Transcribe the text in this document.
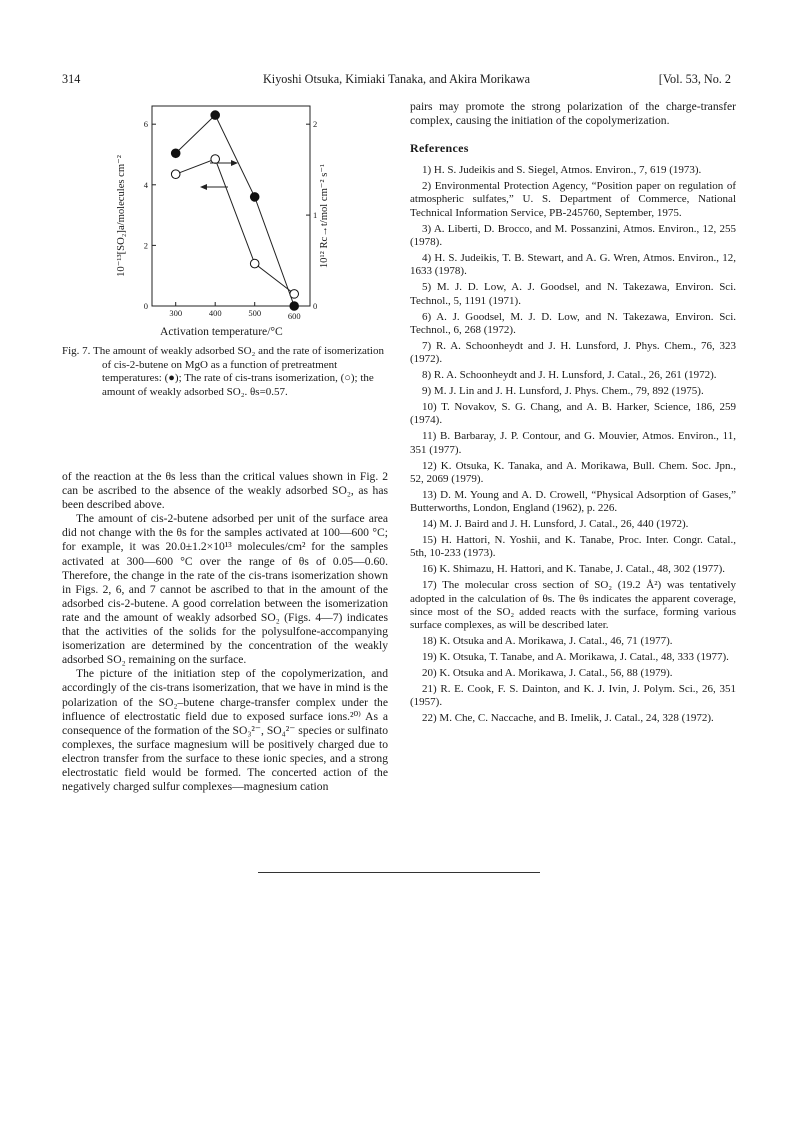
314	Kiyoshi Otsuka, Kimiaki Tanaka, and Akira Morikawa	[Vol. 53, No. 2
300	400	500	600
0
2
4
6
0
1
2
10⁻¹³[SO₂]a/molecules cm⁻²	10¹² Rc→t/mol cm⁻² s⁻¹
Activation temperature/°C
Fig. 7. The amount of weakly adsorbed SO₂ and the rate of isomerization of cis-2-butene on MgO as a function of pretreatment temperatures: (●); The rate of cis-trans isomerization, (○); the amount of weakly adsorbed SO₂. θs=0.57.

of the reaction at the θs less than the critical values shown in Fig. 2 can be ascribed to the absence of the weakly adsorbed SO₂, as has been described above.

The amount of cis-2-butene adsorbed per unit of the surface area did not change with the θs for the samples activated at 100—600 °C; for example, it was 20.0±1.2×10¹³ molecules/cm² for the samples activated at 300—600 °C over the range of θs of 0.05—0.60. Therefore, the change in the rate of the cis-trans isomerization shown in Figs. 2, 6, and 7 cannot be ascribed to that in the amount of the adsorbed cis-2-butene. A good correlation between the isomerization rate and the amount of weakly adsorbed SO₂ (Figs. 4—7) indicates that the activities of the solids for the polysulfone-accompanying isomerization are determined by the concentration of the weakly adsorbed SO₂ remaining on the surface.

The picture of the initiation step of the copolymerization, and accordingly of the cis-trans isomerization, that we have in mind is the polarization of the SO₂–butene charge-transfer complex under the influence of electrostatic field due to exposed surface ions.²⁰⁾ As a consequence of the formation of the SO₃²⁻, SO₄²⁻ species or sulfinato complexes, the surface magnesium will be positively charged due to electron transfer from the surface to these ionic species, and a strong electrostatic field would be formed. The concerted action of the negatively charged sulfur complexes—magnesium cation

pairs may promote the strong polarization of the charge-transfer complex, causing the initiation of the copolymerization.

References
1) H. S. Judeikis and S. Siegel, Atmos. Environ., 7, 619 (1973).
2) Environmental Protection Agency, “Position paper on regulation of atmospheric sulfates,” U. S. Department of Commerce, National Technical Information Service, PB-245760, September, 1975.
3) A. Liberti, D. Brocco, and M. Possanzini, Atmos. Environ., 12, 255 (1978).
4) H. S. Judeikis, T. B. Stewart, and A. G. Wren, Atmos. Environ., 12, 1633 (1978).
5) M. J. D. Low, A. J. Goodsel, and N. Takezawa, Environ. Sci. Technol., 5, 1191 (1971).
6) A. J. Goodsel, M. J. D. Low, and N. Takezawa, Environ. Sci. Technol., 6, 268 (1972).
7) R. A. Schoonheydt and J. H. Lunsford, J. Phys. Chem., 76, 323 (1972).
8) R. A. Schoonheydt and J. H. Lunsford, J. Catal., 26, 261 (1972).
9) M. J. Lin and J. H. Lunsford, J. Phys. Chem., 79, 892 (1975).
10) T. Novakov, S. G. Chang, and A. B. Harker, Science, 186, 259 (1974).
11) B. Barbaray, J. P. Contour, and G. Mouvier, Atmos. Environ., 11, 351 (1977).
12) K. Otsuka, K. Tanaka, and A. Morikawa, Bull. Chem. Soc. Jpn., 52, 2069 (1979).
13) D. M. Young and A. D. Crowell, “Physical Adsorption of Gases,” Butterworths, London, England (1962), p. 226.
14) M. J. Baird and J. H. Lunsford, J. Catal., 26, 440 (1972).
15) H. Hattori, N. Yoshii, and K. Tanabe, Proc. Inter. Congr. Catal., 5th, 10-233 (1973).
16) K. Shimazu, H. Hattori, and K. Tanabe, J. Catal., 48, 302 (1977).
17) The molecular cross section of SO₂ (19.2 Å²) was tentatively adopted in the calculation of θs. The θs indicates the apparent coverage, since most of the SO₂ added reacts with the surface, forming various surface complexes, as will be described later.
18) K. Otsuka and A. Morikawa, J. Catal., 46, 71 (1977).
19) K. Otsuka, T. Tanabe, and A. Morikawa, J. Catal., 48, 333 (1977).
20) K. Otsuka and A. Morikawa, J. Catal., 56, 88 (1979).
21) R. E. Cook, F. S. Dainton, and K. J. Ivin, J. Polym. Sci., 26, 351 (1957).
22) M. Che, C. Naccache, and B. Imelik, J. Catal., 24, 328 (1972).
